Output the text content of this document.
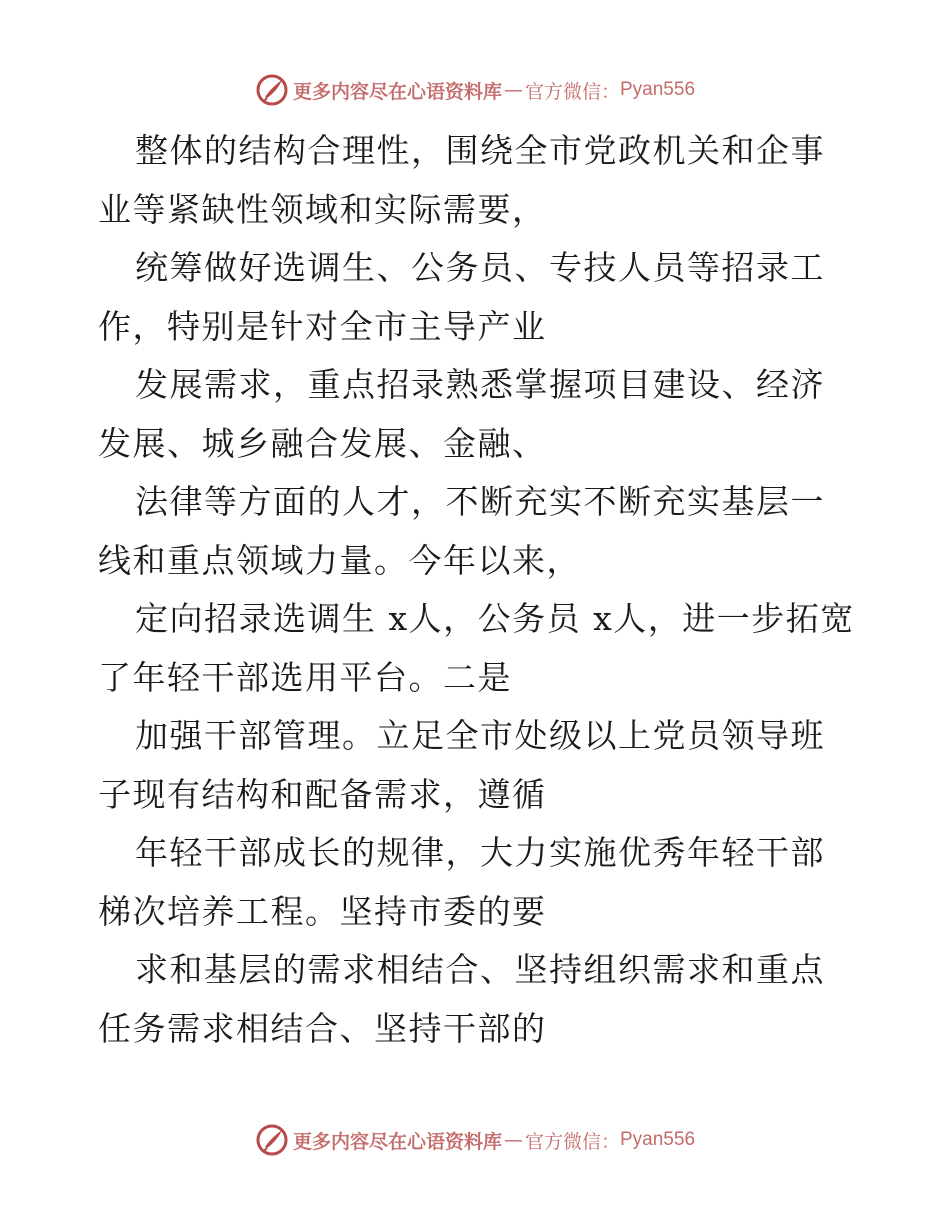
更多内容尽在心语资料库 — 官方微信： Pyan556

整体的结构合理性，围绕全市党政机关和企事业等紧缺性领域和实际需要，

统筹做好选调生、公务员、专技人员等招录工作，特别是针对全市主导产业

发展需求，重点招录熟悉掌握项目建设、经济发展、城乡融合发展、金融、

法律等方面的人才，不断充实不断充实基层一线和重点领域力量。今年以来，

定向招录选调生 x人，公务员 x人，进一步拓宽了年轻干部选用平台。二是

加强干部管理。立足全市处级以上党员领导班子现有结构和配备需求，遵循

年轻干部成长的规律，大力实施优秀年轻干部梯次培养工程。坚持市委的要

求和基层的需求相结合、坚持组织需求和重点任务需求相结合、坚持干部的

更多内容尽在心语资料库 — 官方微信： Pyan556
